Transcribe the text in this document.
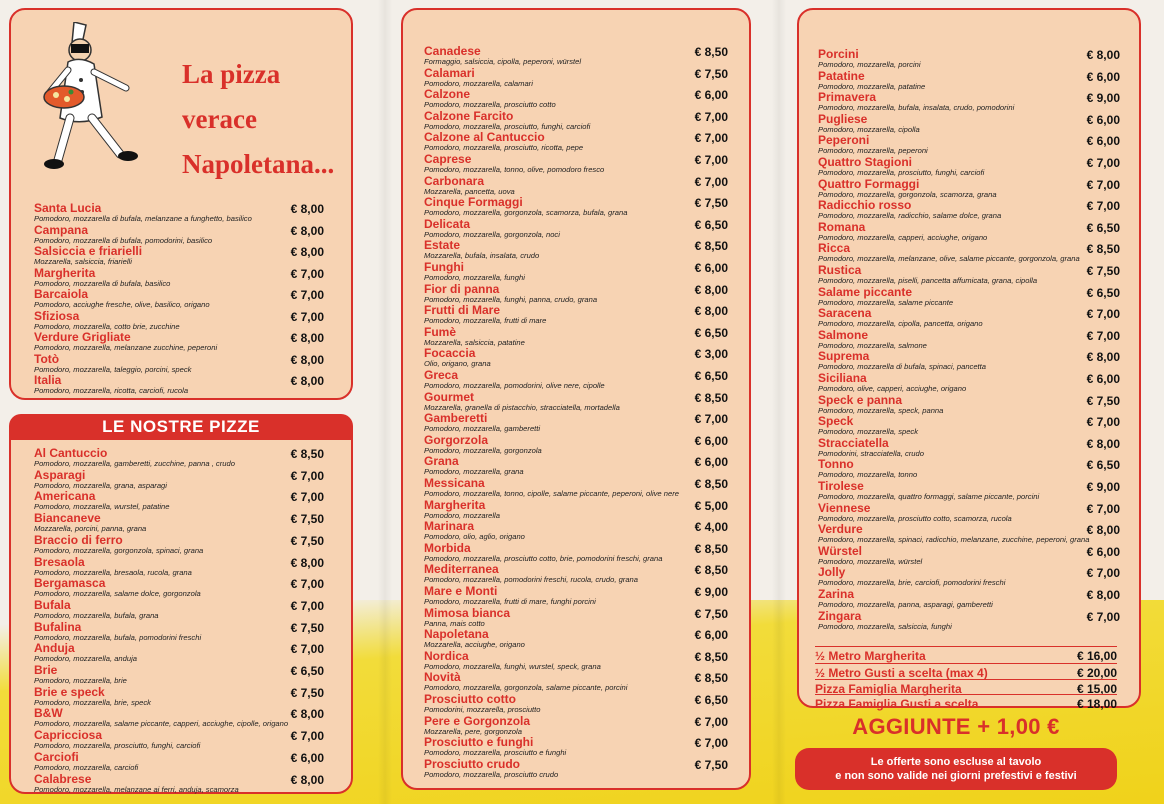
La pizza
verace
Napoletana...
Santa Lucia
Pomodoro, mozzarella di bufala, melanzane a funghetto, basilico
€ 8,00
Campana
Pomodoro, mozzarella di bufala, pomodorini, basilico
€ 8,00
Salsiccia e friarielli
Mozzarella, salsiccia, friarielli
€ 8,00
Margherita
Pomodoro, mozzarella di bufala, basilico
€ 7,00
Barcaiola
Pomodoro, acciughe fresche, olive, basilico, origano
€ 7,00
Sfiziosa
Pomodoro, mozzarella, cotto brie, zucchine
€ 7,00
Verdure Grigliate
Pomodoro, mozzarella, melanzane zucchine, peperoni
€ 8,00
Totò
Pomodoro, mozzarella, taleggio, porcini, speck
€ 8,00
Italia
Pomodoro, mozzarella, ricotta, carciofi, rucola
€ 8,00
LE NOSTRE PIZZE
Al Cantuccio
Pomodoro, mozzarella, gamberetti, zucchine, panna , crudo
€ 8,50
Asparagi
Pomodoro, mozzarella, grana, asparagi
€ 7,00
Americana
Pomodoro, mozzarella, wurstel, patatine
€ 7,00
Biancaneve
Mozzarella, porcini, panna, grana
€ 7,50
Braccio di ferro
Pomodoro, mozzarella, gorgonzola, spinaci, grana
€ 7,50
Bresaola
Pomodoro, mozzarella, bresaola, rucola, grana
€ 8,00
Bergamasca
Pomodoro, mozzarella, salame dolce, gorgonzola
€ 7,00
Bufala
Pomodoro, mozzarella, bufala, grana
€ 7,00
Bufalina
Pomodoro, mozzarella, bufala, pomodorini freschi
€ 7,50
Anduja
Pomodoro, mozzarella, anduja
€ 7,00
Brie
Pomodoro, mozzarella, brie
€ 6,50
Brie e speck
Pomodoro, mozzarella, brie, speck
€ 7,50
B&W
Pomodoro, mozzarella, salame piccante, capperi, acciughe, cipolle, origano
€ 8,00
Capricciosa
Pomodoro, mozzarella, prosciutto, funghi, carciofi
€ 7,00
Carciofi
Pomodoro, mozzarella, carciofi
€ 6,00
Calabrese
Pomodoro, mozzarella, melanzane ai ferri, anduja, scamorza
€ 8,00
Canadese
Formaggio, salsiccia, cipolla, peperoni, würstel
€ 8,50
Calamari
Pomodoro, mozzarella, calamari
€ 7,50
Calzone
Pomodoro, mozzarella, prosciutto cotto
€ 6,00
Calzone Farcito
Pomodoro, mozzarella, prosciutto, funghi, carciofi
€ 7,00
Calzone al Cantuccio
Pomodoro, mozzarella, prosciutto, ricotta, pepe
€ 7,00
Caprese
Pomodoro, mozzarella, tonno, olive, pomodoro fresco
€ 7,00
Carbonara
Mozzarella, pancetta, uova
€ 7,00
Cinque Formaggi
Pomodoro, mozzarella, gorgonzola, scamorza, bufala, grana
€ 7,50
Delicata
Pomodoro, mozzarella, gorgonzola, noci
€ 6,50
Estate
Mozzarella, bufala, insalata, crudo
€ 8,50
Funghi
Pomodoro, mozzarella, funghi
€ 6,00
Fior di panna
Pomodoro, mozzarella, funghi, panna, crudo, grana
€ 8,00
Frutti di Mare
Pomodoro, mozzarella, frutti di mare
€ 8,00
Fumè
Mozzarella, salsiccia, patatine
€ 6,50
Focaccia
Olio, origano, grana
€ 3,00
Greca
Pomodoro, mozzarella, pomodorini, olive nere, cipolle
€ 6,50
Gourmet
Mozzarella, granella di pistacchio, stracciatella, mortadella
€ 8,50
Gamberetti
Pomodoro, mozzarella, gamberetti
€ 7,00
Gorgorzola
Pomodoro, mozzarella, gorgonzola
€ 6,00
Grana
Pomodoro, mozzarella, grana
€ 6,00
Messicana
Pomodoro, mozzarella, tonno, cipolle, salame piccante, peperoni, olive nere
€ 8,50
Margherita
Pomodoro, mozzarella
€ 5,00
Marinara
Pomodoro, olio, aglio, origano
€ 4,00
Morbida
Pomodoro, mozzarella, prosciutto cotto, brie, pomodorini freschi, grana
€ 8,50
Mediterranea
Pomodoro, mozzarella, pomodorini freschi, rucola, crudo, grana
€ 8,50
Mare e Monti
Pomodoro, mozzarella, frutti di mare, funghi porcini
€ 9,00
Mimosa bianca
Panna, mais cotto
€ 7,50
Napoletana
Mozzarella, acciughe, origano
€ 6,00
Nordica
Pomodoro, mozzarella, funghi, wurstel, speck, grana
€ 8,50
Novità
Pomodoro, mozzarella, gorgonzola, salame piccante, porcini
€ 8,50
Prosciutto cotto
Pomodorini, mozzarella, prosciutto
€ 6,50
Pere e Gorgonzola
Mozzarella, pere, gorgonzola
€ 7,00
Prosciutto e funghi
Pomodoro, mozzarella, prosciutto e funghi
€ 7,00
Prosciutto crudo
Pomodoro, mozzarella, prosciutto crudo
€ 7,50
Porcini
Pomodoro, mozzarella, porcini
€ 8,00
Patatine
Pomodoro, mozzarella, patatine
€ 6,00
Primavera
Pomodoro, mozzarella, bufala, insalata, crudo, pomodorini
€ 9,00
Pugliese
Pomodoro, mozzarella, cipolla
€ 6,00
Peperoni
Pomodoro, mozzarella, peperoni
€ 6,00
Quattro Stagioni
Pomodoro, mozzarella, prosciutto, funghi, carciofi
€ 7,00
Quattro Formaggi
Pomodoro, mozzarella, gorgonzola, scamorza, grana
€ 7,00
Radicchio rosso
Pomodoro, mozzarella, radicchio, salame dolce, grana
€ 7,00
Romana
Pomodoro, mozzarella, capperi, acciughe, origano
€ 6,50
Ricca
Pomodoro, mozzarella, melanzane, olive, salame piccante, gorgonzola, grana
€ 8,50
Rustica
Pomodoro, mozzarella, piselli, pancetta affumicata, grana, cipolla
€ 7,50
Salame piccante
Pomodoro, mozzarella, salame piccante
€ 6,50
Saracena
Pomodoro, mozzarella, cipolla, pancetta, origano
€ 7,00
Salmone
Pomodoro, mozzarella, salmone
€ 7,00
Suprema
Pomodoro, mozzarella di bufala, spinaci, pancetta
€ 8,00
Siciliana
Pomodoro, olive, capperi, acciughe, origano
€ 6,00
Speck e panna
Pomodoro, mozzarella, speck, panna
€ 7,50
Speck
Pomodoro, mozzarella, speck
€ 7,00
Stracciatella
Pomodorini, stracciatella, crudo
€ 8,00
Tonno
Pomodoro, mozzarella, tonno
€ 6,50
Tirolese
Pomodoro, mozzarella, quattro formaggi, salame piccante, porcini
€ 9,00
Viennese
Pomodoro, mozzarella, prosciutto cotto, scamorza, rucola
€ 7,00
Verdure
Pomodoro, mozzarella, spinaci, radicchio, melanzane, zucchine, peperoni, grana
€ 8,00
Würstel
Pomodoro, mozzarella, würstel
€ 6,00
Jolly
Pomodoro, mozzarella, brie, carciofi, pomodorini freschi
€ 7,00
Zarina
Pomodoro, mozzarella, panna, asparagi, gamberetti
€ 8,00
Zingara
Pomodoro, mozzarella, salsiccia, funghi
€ 7,00
½ Metro Margherita	€ 16,00
½ Metro Gusti a scelta (max 4)	€ 20,00
Pizza Famiglia Margherita	€ 15,00
Pizza Famiglia Gusti a scelta	€ 18,00
AGGIUNTE + 1,00 €
Le offerte sono escluse al tavolo
e non sono valide nei giorni prefestivi e festivi
